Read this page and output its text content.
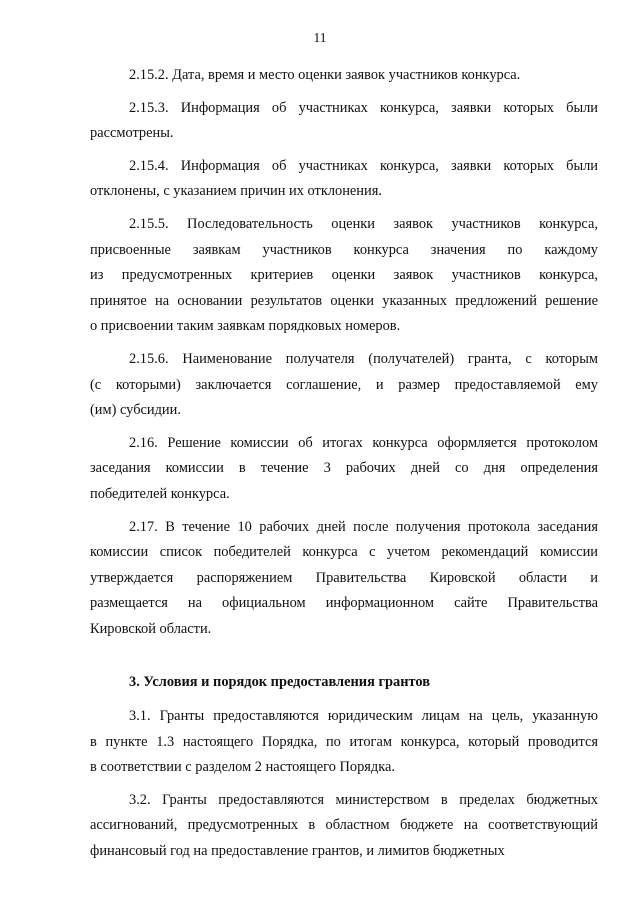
11
2.15.2. Дата, время и место оценки заявок участников конкурса.
2.15.3. Информация об участниках конкурса, заявки которых были
рассмотрены.
2.15.4. Информация об участниках конкурса, заявки которых были
отклонены, с указанием причин их отклонения.
2.15.5. Последовательность оценки заявок участников конкурса,
присвоенные заявкам участников конкурса значения по каждому
из предусмотренных критериев оценки заявок участников конкурса,
принятое на основании результатов оценки указанных предложений решение
о присвоении таким заявкам порядковых номеров.
2.15.6. Наименование получателя (получателей) гранта, с которым
(с которыми) заключается соглашение, и размер предоставляемой ему
(им) субсидии.
2.16. Решение комиссии об итогах конкурса оформляется протоколом
заседания комиссии в течение 3 рабочих дней со дня определения
победителей конкурса.
2.17. В течение 10 рабочих дней после получения протокола заседания
комиссии список победителей конкурса с учетом рекомендаций комиссии
утверждается распоряжением Правительства Кировской области и
размещается на официальном информационном сайте Правительства
Кировской области.
3. Условия и порядок предоставления грантов
3.1. Гранты предоставляются юридическим лицам на цель, указанную
в пункте 1.3 настоящего Порядка, по итогам конкурса, который проводится
в соответствии с разделом 2 настоящего Порядка.
3.2. Гранты предоставляются министерством в пределах бюджетных
ассигнований, предусмотренных в областном бюджете на соответствующий
финансовый год на предоставление грантов, и лимитов бюджетных
